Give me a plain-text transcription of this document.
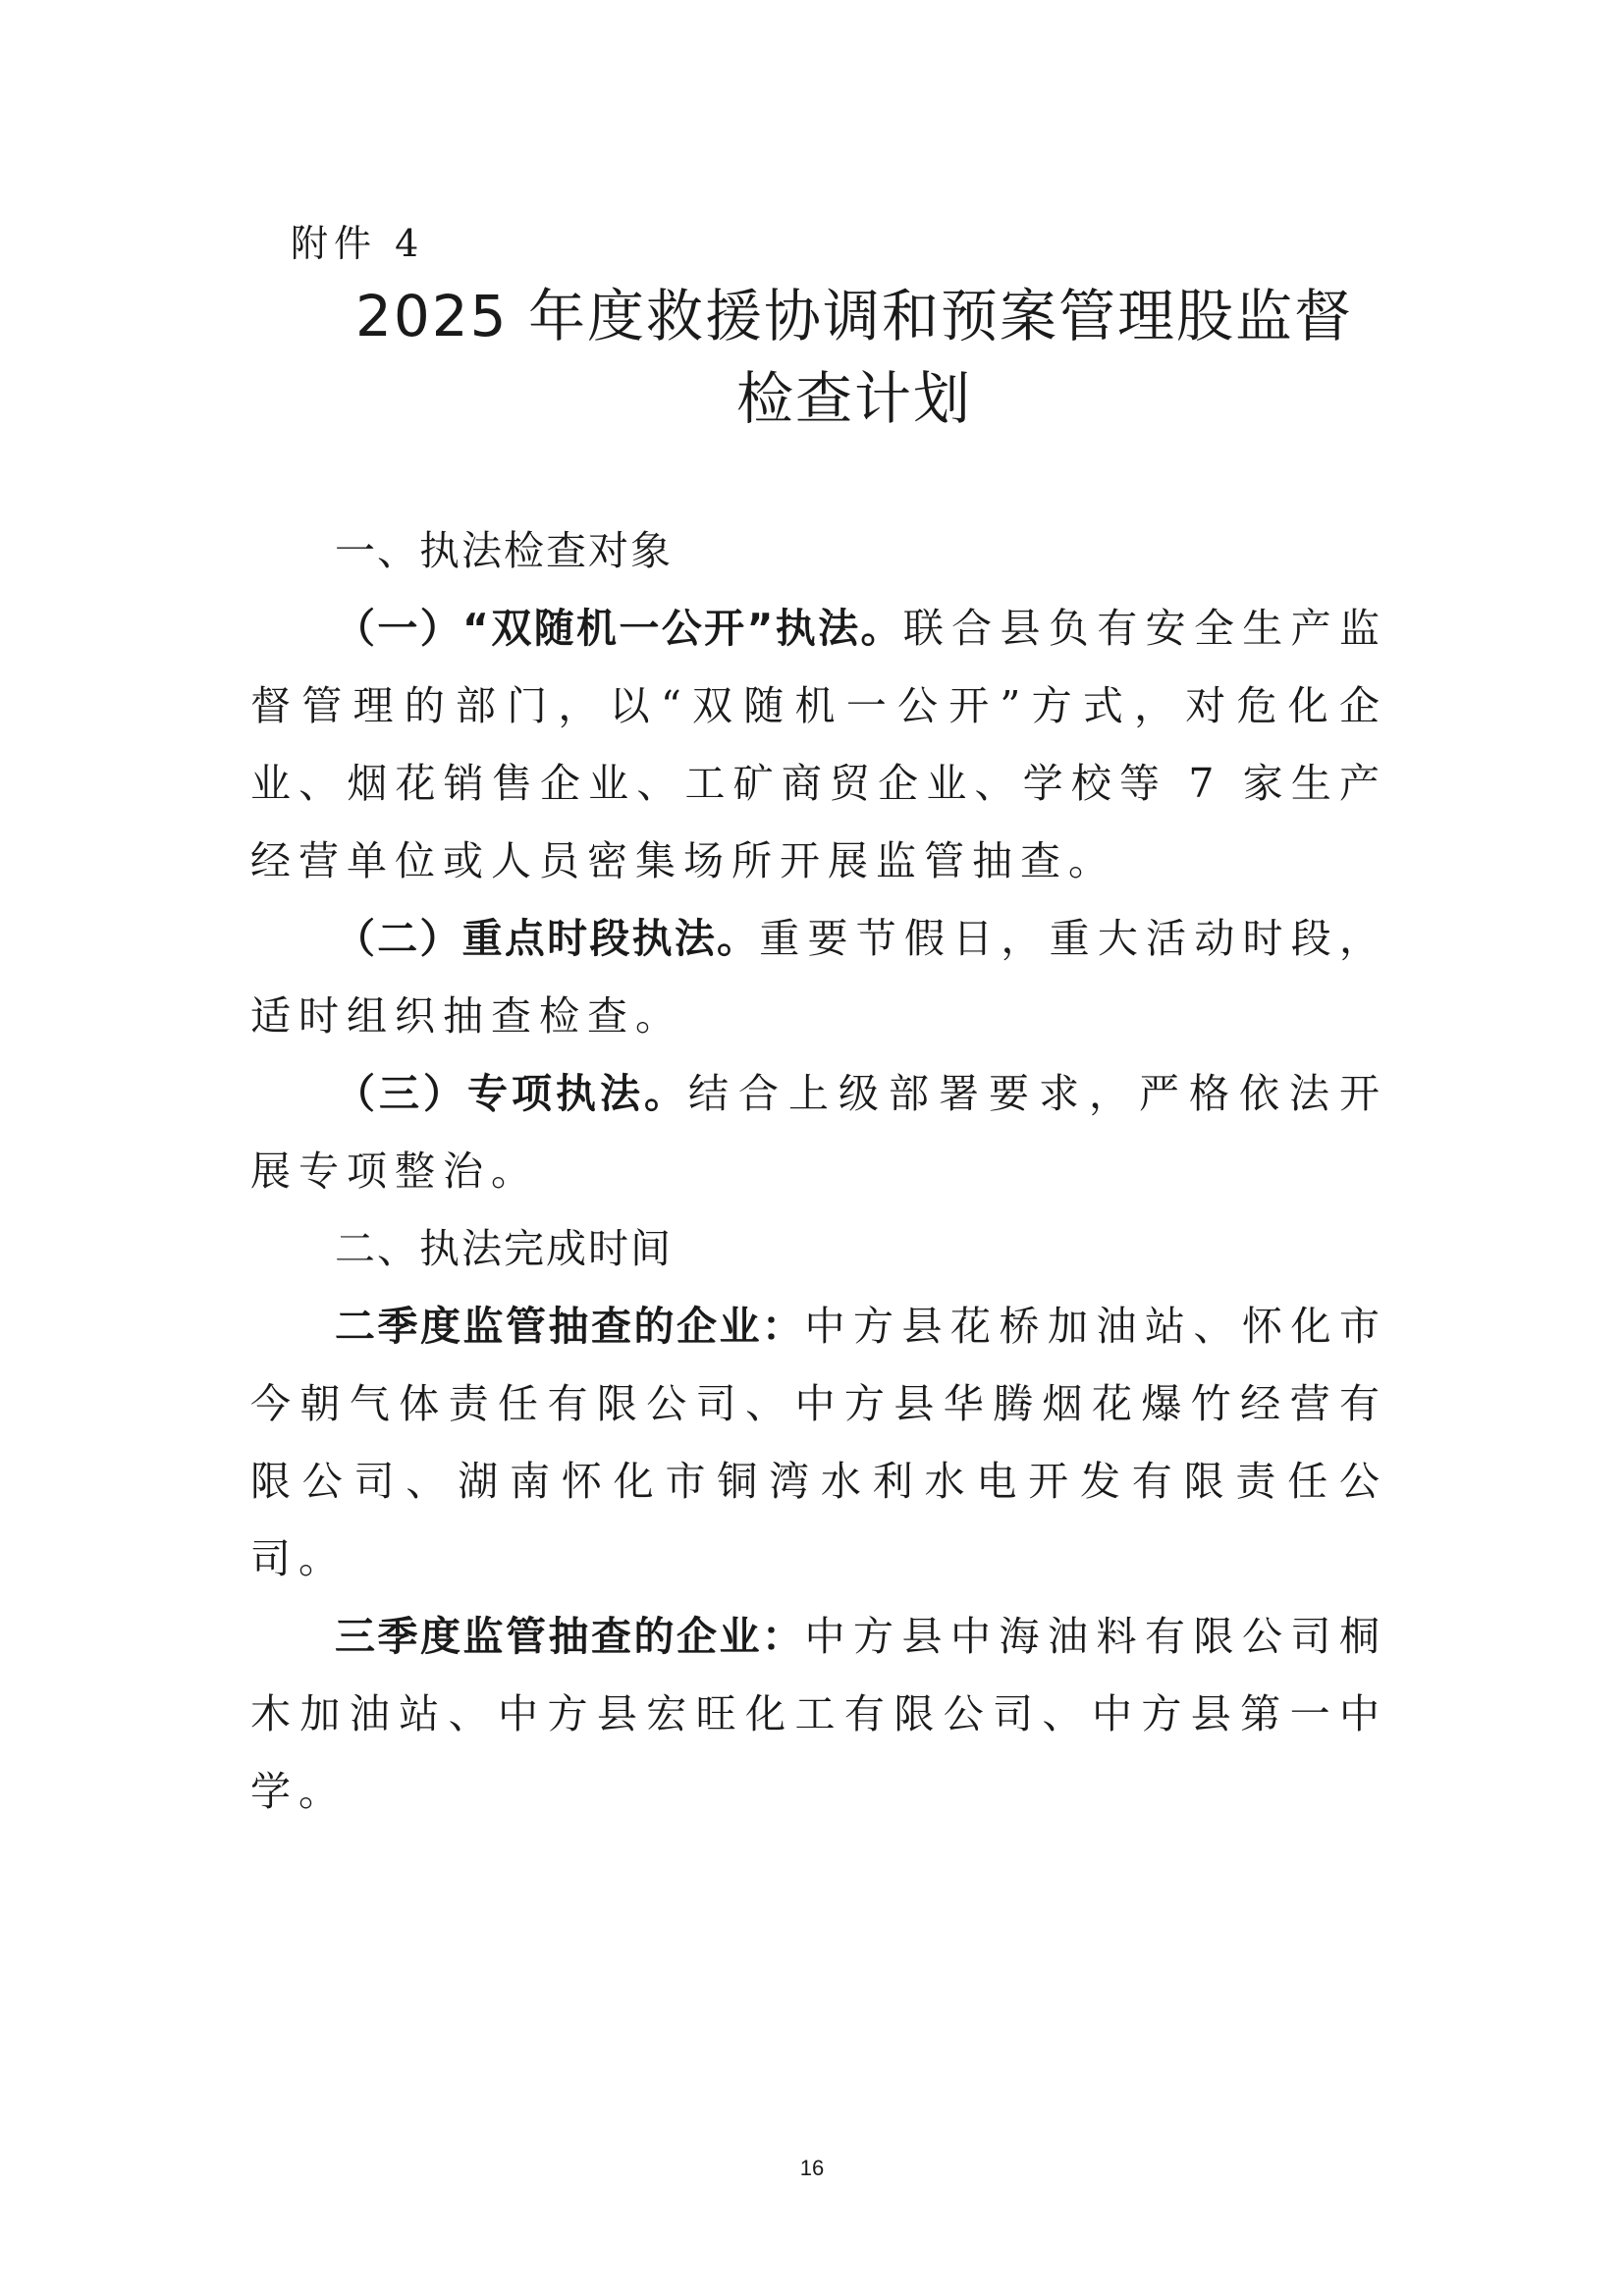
附件 4
2025 年度救援协调和预案管理股监督
检查计划

一、执法检查对象

（一）“双随机一公开”执法。联合县负有安全生产监督管理的部门，以“双随机一公开”方式，对危化企业、烟花销售企业、工矿商贸企业、学校等 7 家生产经营单位或人员密集场所开展监管抽查。

（二）重点时段执法。重要节假日，重大活动时段，适时组织抽查检查。

（三）专项执法。结合上级部署要求，严格依法开展专项整治。

二、执法完成时间

二季度监管抽查的企业：中方县花桥加油站、怀化市今朝气体责任有限公司、中方县华腾烟花爆竹经营有限公司、湖南怀化市铜湾水利水电开发有限责任公司。

三季度监管抽查的企业：中方县中海油料有限公司桐木加油站、中方县宏旺化工有限公司、中方县第一中学。

16
